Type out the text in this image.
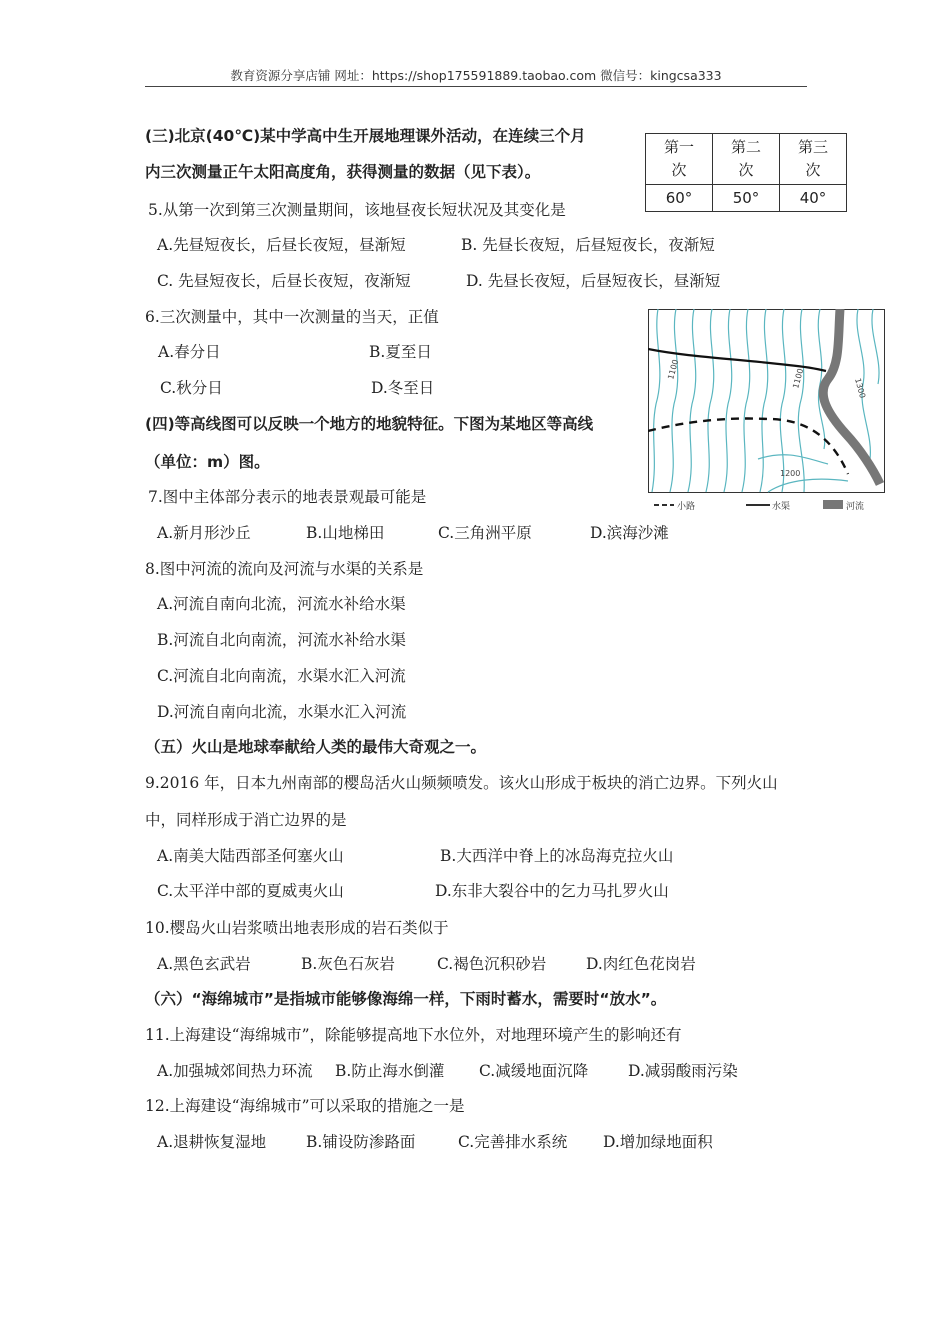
教育资源分享店铺 网址：https://shop175591889.taobao.com 微信号：kingcsa333
(三)北京(40℃)某中学高中生开展地理课外活动，在连续三个月
内三次测量正午太阳高度角，获得测量的数据（见下表）。
第一
次	第二
次	第三
次
60°	50°	40°
5.从第一次到第三次测量期间，该地昼夜长短状况及其变化是
A.先昼短夜长，后昼长夜短，昼渐短	B. 先昼长夜短，后昼短夜长，夜渐短
C. 先昼短夜长，后昼长夜短，夜渐短	D. 先昼长夜短，后昼短夜长，昼渐短
6.三次测量中，其中一次测量的当天，正值
A.春分日	B.夏至日
C.秋分日	D.冬至日
(四)等高线图可以反映一个地方的地貌特征。下图为某地区等高线
（单位：m）图。
1100	1100	1300
1200
小路	水渠	河流
7.图中主体部分表示的地表景观最可能是
A.新月形沙丘	B.山地梯田	C.三角洲平原	D.滨海沙滩
8.图中河流的流向及河流与水渠的关系是
A.河流自南向北流，河流水补给水渠
B.河流自北向南流，河流水补给水渠
C.河流自北向南流，水渠水汇入河流
D.河流自南向北流，水渠水汇入河流
（五）火山是地球奉献给人类的最伟大奇观之一。
9.2016 年，日本九州南部的樱岛活火山频频喷发。该火山形成于板块的消亡边界。下列火山
中，同样形成于消亡边界的是
A.南美大陆西部圣何塞火山	B.大西洋中脊上的冰岛海克拉火山
C.太平洋中部的夏威夷火山	D.东非大裂谷中的乞力马扎罗火山
10.樱岛火山岩浆喷出地表形成的岩石类似于
A.黑色玄武岩	B.灰色石灰岩	C.褐色沉积砂岩	D.肉红色花岗岩
（六）“海绵城市”是指城市能够像海绵一样，下雨时蓄水，需要时“放水”。
11.上海建设“海绵城市”，除能够提高地下水位外，对地理环境产生的影响还有
A.加强城郊间热力环流 B.防止海水倒灌 C.减缓地面沉降	D.减弱酸雨污染
12.上海建设“海绵城市”可以采取的措施之一是
A.退耕恢复湿地	B.铺设防渗路面	C.完善排水系统 D.增加绿地面积
